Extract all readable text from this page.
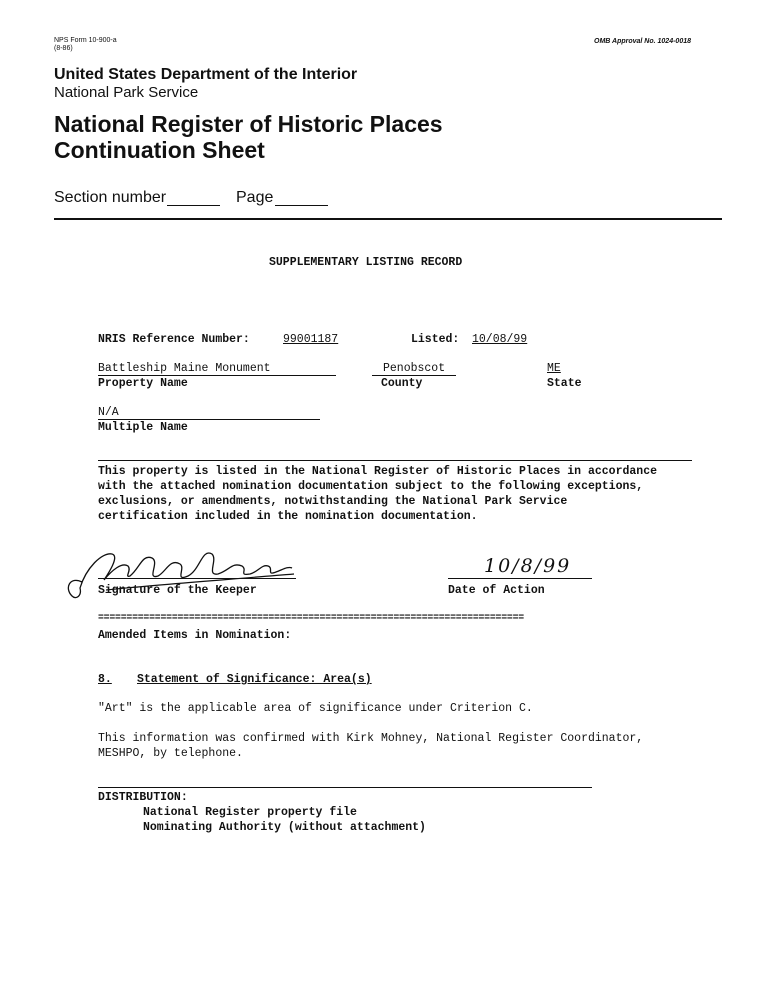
NPS Form 10-900-a
(8-86)
OMB Approval No. 1024-0018
United States Department of the Interior
National Park Service
National Register of Historic Places
Continuation Sheet
Section number	Page
SUPPLEMENTARY LISTING RECORD
NRIS Reference Number:	99001187	Listed: 10/08/99
Battleship Maine Monument
Property Name
Penobscot
County
ME
State
N/A
Multiple Name
This property is listed in the National Register of Historic Places in accordance
with the attached nomination documentation subject to the following exceptions,
exclusions, or amendments, notwithstanding the National Park Service
certification included in the nomination documentation.
Signature of the Keeper
10/8/99
Date of Action
===========================================================================
Amended Items in Nomination:
8. Statement of Significance: Area(s)
"Art" is the applicable area of significance under Criterion C.
This information was confirmed with Kirk Mohney, National Register Coordinator,
MESHPO, by telephone.
DISTRIBUTION:
National Register property file
Nominating Authority (without attachment)
